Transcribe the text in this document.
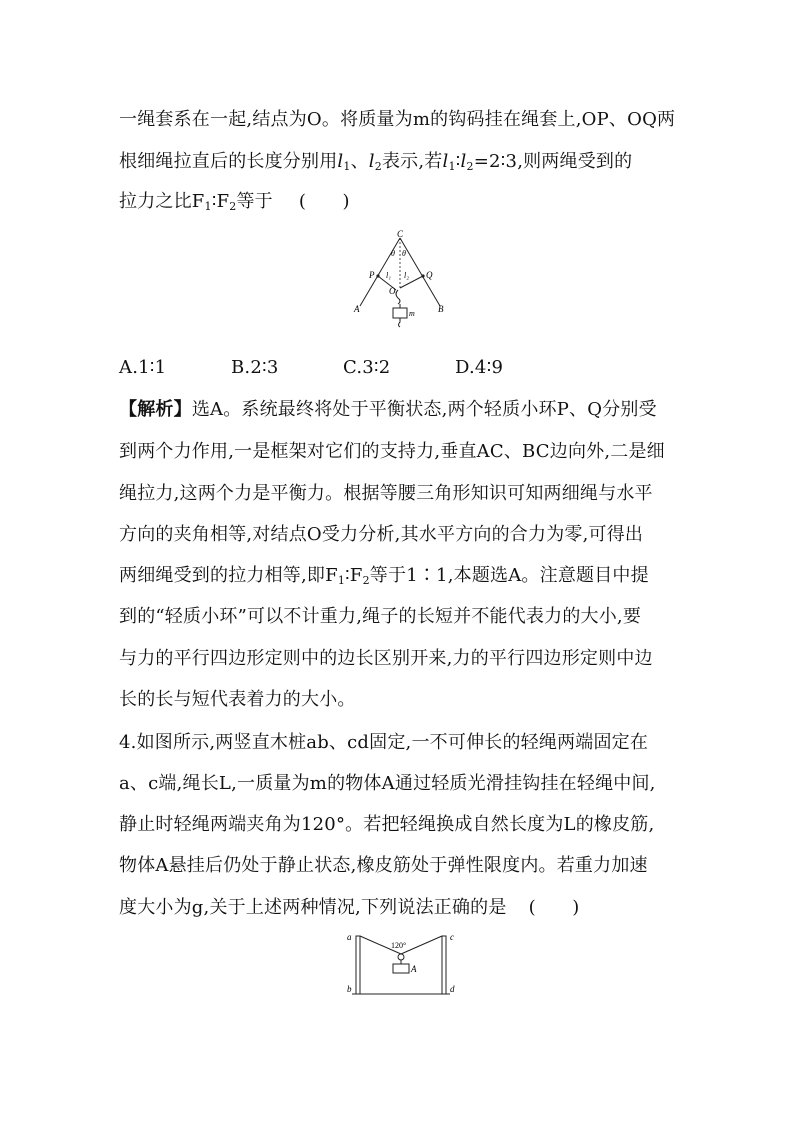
一绳套系在一起,结点为O。将质量为m的钩码挂在绳套上,OP、OQ两
根细绳拉直后的长度分别用$l_1$、$l_2$表示,若$l_1∶l_2=2∶3$,则两绳受到的
拉力之比$F_1∶F_2$等于 (　　)
C
θ θ
P	Q
l₁ l₂
O
A	B
m
A.1∶1	B.2∶3	C.3∶2	D.4∶9
【解析】选A。系统最终将处于平衡状态,两个轻质小环P、Q分别受
到两个力作用,一是框架对它们的支持力,垂直AC、BC边向外,二是细
绳拉力,这两个力是平衡力。根据等腰三角形知识可知两细绳与水平
方向的夹角相等,对结点O受力分析,其水平方向的合力为零,可得出
两细绳受到的拉力相等,即$F_1∶F_2$等于1∶1,本题选A。注意题目中提
到的“轻质小环”可以不计重力,绳子的长短并不能代表力的大小,要
与力的平行四边形定则中的边长区别开来,力的平行四边形定则中边
长的长与短代表着力的大小。
4.如图所示,两竖直木桩ab、cd固定,一不可伸长的轻绳两端固定在
a、c端,绳长L,一质量为m的物体A通过轻质光滑挂钩挂在轻绳中间,
静止时轻绳两端夹角为120°。若把轻绳换成自然长度为L的橡皮筋,
物体A悬挂后仍处于静止状态,橡皮筋处于弹性限度内。若重力加速
度大小为g,关于上述两种情况,下列说法正确的是 (　　)
a
b
c
d
120°
A
